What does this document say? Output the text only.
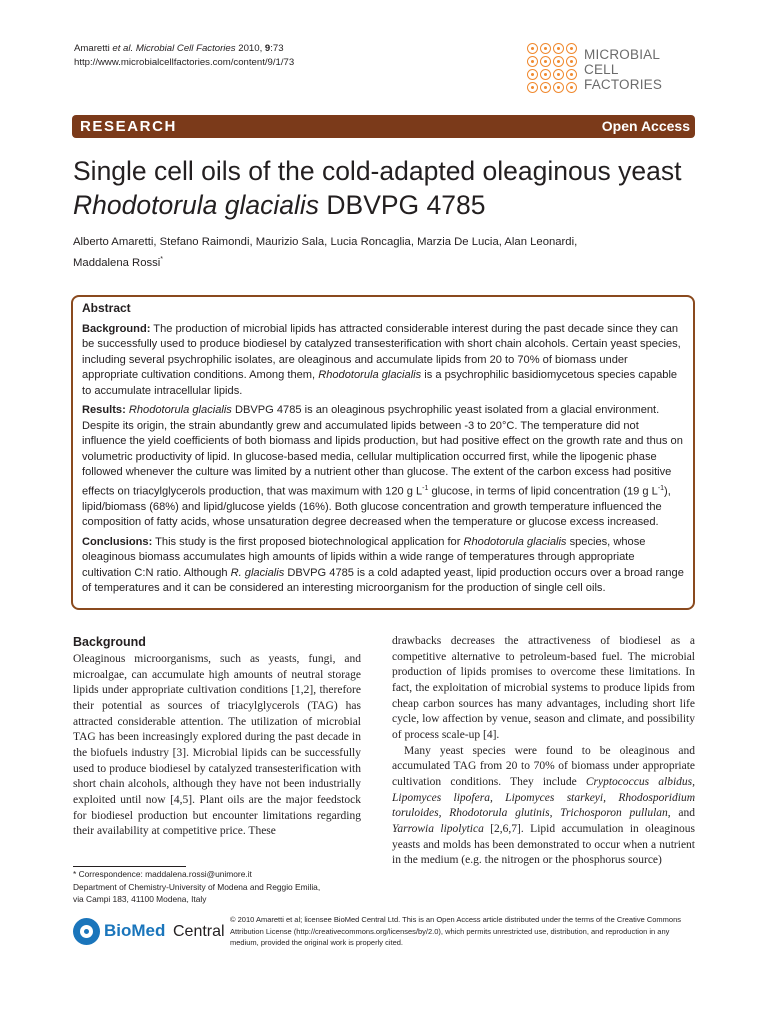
Amaretti et al. Microbial Cell Factories 2010, 9:73
http://www.microbialcellfactories.com/content/9/1/73
MICROBIAL CELL
FACTORIES
RESEARCH	Open Access
Single cell oils of the cold-adapted oleaginous yeast Rhodotorula glacialis DBVPG 4785
Alberto Amaretti, Stefano Raimondi, Maurizio Sala, Lucia Roncaglia, Marzia De Lucia, Alan Leonardi,
Maddalena Rossi*
Abstract

Background: The production of microbial lipids has attracted considerable interest during the past decade since they can be successfully used to produce biodiesel by catalyzed transesterification with short chain alcohols. Certain yeast species, including several psychrophilic isolates, are oleaginous and accumulate lipids from 20 to 70% of biomass under appropriate cultivation conditions. Among them, Rhodotorula glacialis is a psychrophilic basidiomycetous species capable to accumulate intracellular lipids.

Results: Rhodotorula glacialis DBVPG 4785 is an oleaginous psychrophilic yeast isolated from a glacial environment. Despite its origin, the strain abundantly grew and accumulated lipids between -3 to 20°C. The temperature did not influence the yield coefficients of both biomass and lipids production, but had positive effect on the growth rate and thus on volumetric productivity of lipid. In glucose-based media, cellular multiplication occurred first, while the lipogenic phase followed whenever the culture was limited by a nutrient other than glucose. The extent of the carbon excess had positive effects on triacylglycerols production, that was maximum with 120 g $L^{-1}$ glucose, in terms of lipid concentration (19 g $L^{-1}$), lipid/biomass (68%) and lipid/glucose yields (16%). Both glucose concentration and growth temperature influenced the composition of fatty acids, whose unsaturation degree decreased when the temperature or glucose excess increased.

Conclusions: This study is the first proposed biotechnological application for Rhodotorula glacialis species, whose oleaginous biomass accumulates high amounts of lipids within a wide range of temperatures through appropriate cultivation C:N ratio. Although R. glacialis DBVPG 4785 is a cold adapted yeast, lipid production occurs over a broad range of temperatures and it can be considered an interesting microorganism for the production of single cell oils.

Background

Oleaginous microorganisms, such as yeasts, fungi, and microalgae, can accumulate high amounts of neutral storage lipids under appropriate cultivation conditions [1,2], therefore their potential as sources of triacylglycerols (TAG) has attracted considerable attention. The utilization of microbial TAG has been increasingly explored during the past decade in the biofuels industry [3]. Microbial lipids can be successfully used to produce biodiesel by catalyzed transesterification with short chain alcohols, although they have not been industrially exploited until now [4,5]. Plant oils are the major feedstock for biodiesel production but encounter limitations regarding their availability at competitive price. These

drawbacks decreases the attractiveness of biodiesel as a competitive alternative to petroleum-based fuel. The microbial production of lipids promises to overcome these limitations. In fact, the exploitation of microbial systems to produce lipids from cheap carbon sources has many advantages, including short life cycle, low affection by venue, season and climate, and possibility of process scale-up [4].

Many yeast species were found to be oleaginous and accumulated TAG from 20 to 70% of biomass under appropriate cultivation conditions. They include Cryptococcus albidus, Lipomyces lipofera, Lipomyces starkeyi, Rhodosporidium toruloides, Rhodotorula glutinis, Trichosporon pullulan, and Yarrowia lipolytica [2,6,7]. Lipid accumulation in oleaginous yeasts and molds has been demonstrated to occur when a nutrient in the medium (e.g. the nitrogen or the phosphorus source)

* Correspondence: maddalena.rossi@unimore.it
Department of Chemistry-University of Modena and Reggio Emilia,
via Campi 183, 41100 Modena, Italy
BioMed Central
© 2010 Amaretti et al; licensee BioMed Central Ltd. This is an Open Access article distributed under the terms of the Creative Commons Attribution License (http://creativecommons.org/licenses/by/2.0), which permits unrestricted use, distribution, and reproduction in any medium, provided the original work is properly cited.
